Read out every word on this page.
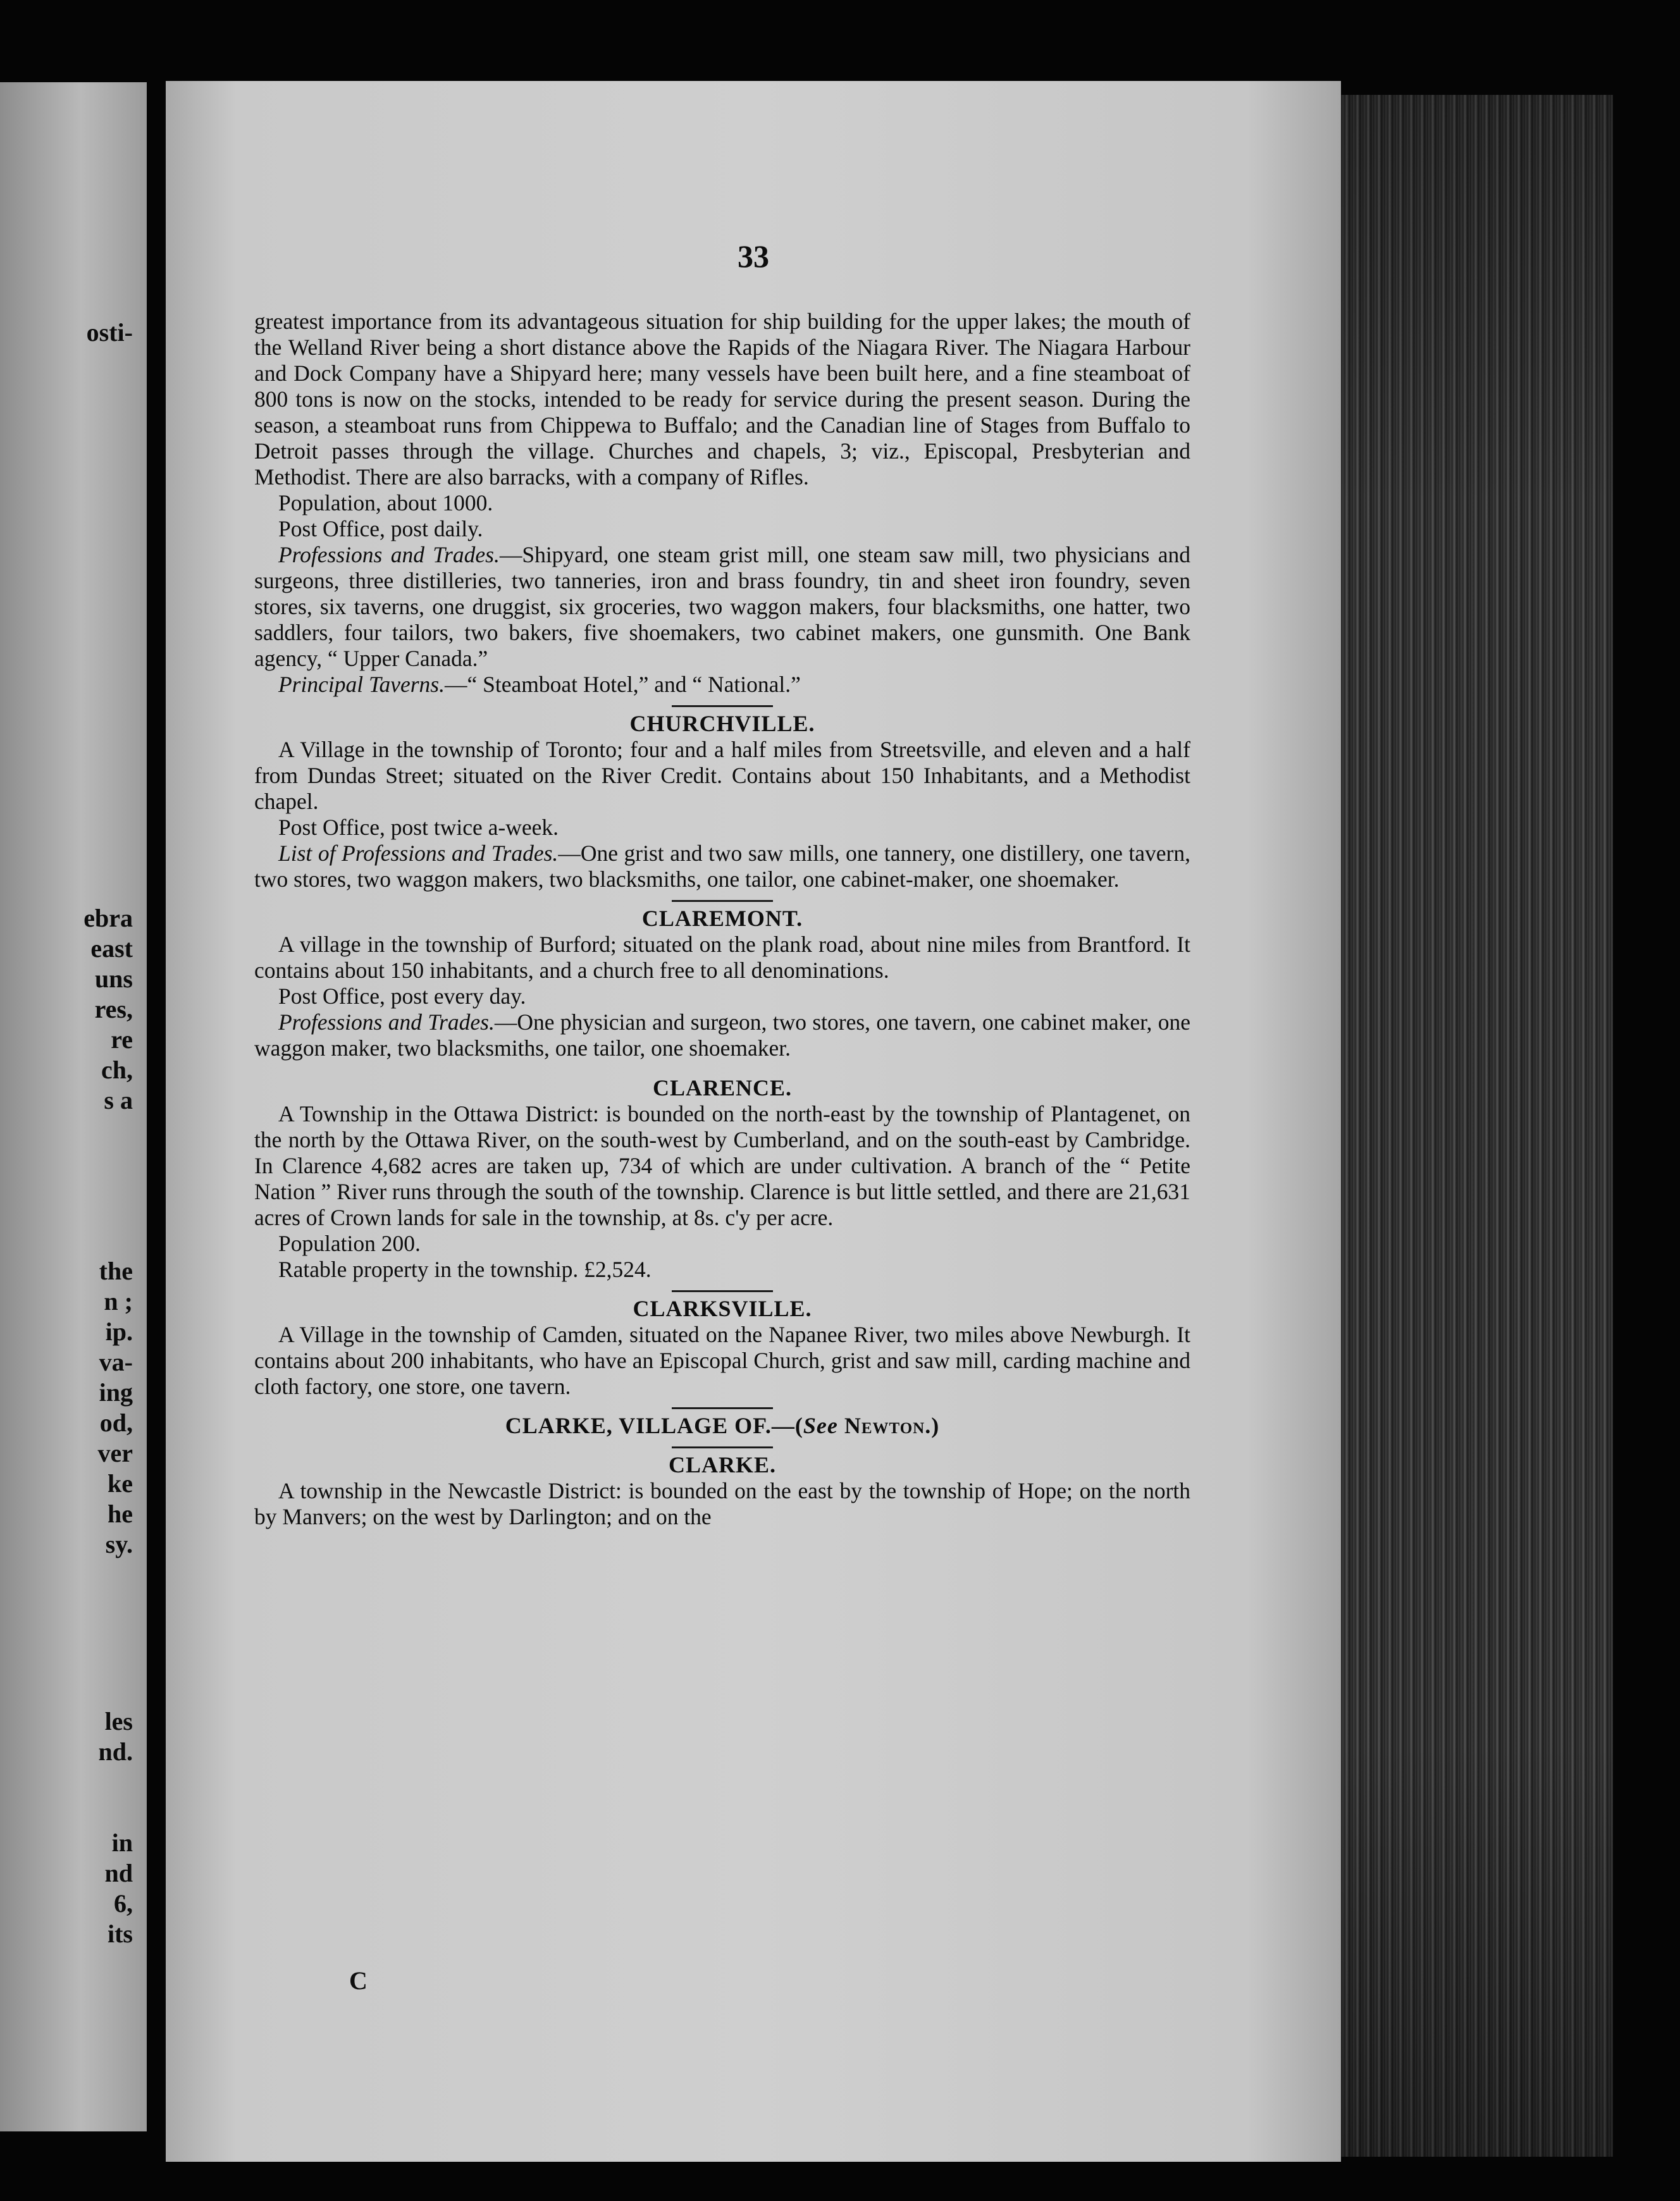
osti-
ebra
east
uns
res,
re
ch,
s a
the
n ;
ip.
va-
ing
od,
ver
ke
he
sy.
les
nd.
in
nd
6,
its
33

greatest importance from its advantageous situation for ship building for the upper lakes; the mouth of the Welland River being a short distance above the Rapids of the Niagara River. The Niagara Harbour and Dock Company have a Shipyard here; many vessels have been built here, and a fine steamboat of 800 tons is now on the stocks, intended to be ready for service during the present season. During the season, a steamboat runs from Chippewa to Buffalo; and the Canadian line of Stages from Buffalo to Detroit passes through the village. Churches and chapels, 3; viz., Episcopal, Presbyterian and Methodist. There are also barracks, with a company of Rifles.

Population, about 1000.

Post Office, post daily.

Professions and Trades.—Shipyard, one steam grist mill, one steam saw mill, two physicians and surgeons, three distilleries, two tanneries, iron and brass foundry, tin and sheet iron foundry, seven stores, six taverns, one druggist, six groceries, two waggon makers, four blacksmiths, one hatter, two saddlers, four tailors, two bakers, five shoemakers, two cabinet makers, one gunsmith. One Bank agency, “ Upper Canada.”

Principal Taverns.—“ Steamboat Hotel,” and “ National.”

CHURCHVILLE.

A Village in the township of Toronto; four and a half miles from Streetsville, and eleven and a half from Dundas Street; situated on the River Credit. Contains about 150 Inhabitants, and a Methodist chapel.

Post Office, post twice a-week.

List of Professions and Trades.—One grist and two saw mills, one tannery, one distillery, one tavern, two stores, two waggon makers, two blacksmiths, one tailor, one cabinet-maker, one shoemaker.

CLAREMONT.

A village in the township of Burford; situated on the plank road, about nine miles from Brantford. It contains about 150 inhabitants, and a church free to all denominations.

Post Office, post every day.

Professions and Trades.—One physician and surgeon, two stores, one tavern, one cabinet maker, one waggon maker, two blacksmiths, one tailor, one shoemaker.

CLARENCE.

A Township in the Ottawa District: is bounded on the north-east by the township of Plantagenet, on the north by the Ottawa River, on the south-west by Cumberland, and on the south-east by Cambridge. In Clarence 4,682 acres are taken up, 734 of which are under cultivation. A branch of the “ Petite Nation ” River runs through the south of the township. Clarence is but little settled, and there are 21,631 acres of Crown lands for sale in the township, at 8s. c'y per acre.

Population 200.

Ratable property in the township. £2,524.

CLARKSVILLE.

A Village in the township of Camden, situated on the Napanee River, two miles above Newburgh. It contains about 200 inhabitants, who have an Episcopal Church, grist and saw mill, carding machine and cloth factory, one store, one tavern.

CLARKE, VILLAGE OF.—(See Newton.)
CLARKE.

A township in the Newcastle District: is bounded on the east by the township of Hope; on the north by Manvers; on the west by Darlington; and on the

C
